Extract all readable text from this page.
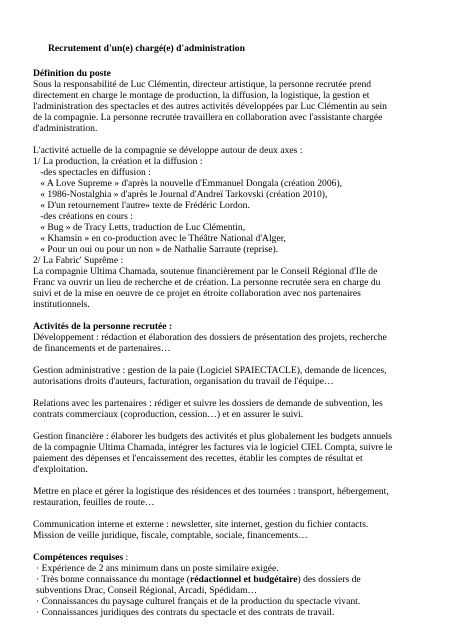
Recrutement d'un(e) chargé(e) d'administration
Définition du poste
Sous la responsabilité de Luc Clémentin, directeur artistique, la personne recrutée prend
directement en charge le montage de production, la diffusion, la logistique, la gestion et
l'administration des spectacles et des autres activités développées par Luc Clémentin au sein
de la compagnie. La personne recrutée travaillera en collaboration avec l'assistante chargée
d'administration.
L'activité actuelle de la compagnie se développe autour de deux axes :
1/ La production, la création et la diffusion :
-des spectacles en diffusion :
« A Love Supreme » d'après la nouvelle d'Emmanuel Dongala (création 2006),
« 1986-Nostalghia » d'après le Journal d'Andreï Tarkovski (création 2010),
« D'un retournement l'autre» texte de Frédéric Lordon.
-des créations en cours :
« Bug » de Tracy Letts, traduction de Luc Clémentin,
« Khamsin » en co-production avec le Théâtre National d'Alger,
« Pour un oui ou pour un non » de Nathalie Sarraute (reprise).
2/ La Fabric' Suprême :
La compagnie Ultima Chamada, soutenue financièrement par le Conseil Régional d'Ile de
Franc va ouvrir un lieu de recherche et de création. La personne recrutée sera en charge du
suivi et de la mise en oeuvre de ce projet en étroite collaboration avec nos partenaires
institutionnels.
Activités de la personne recrutée :
Développement : rédaction et élaboration des dossiers de présentation des projets, recherche
de financements et de partenaires…
Gestion administrative : gestion de la paie (Logiciel SPAIECTACLE), demande de licences,
autorisations droits d'auteurs, facturation, organisation du travail de l'équipe…
Relations avec les partenaires : rédiger et suivre les dossiers de demande de subvention, les
contrats commerciaux (coproduction, cession…) et en assurer le suivi.
Gestion financière : élaborer les budgets des activités et plus globalement les budgets annuels
de la compagnie Ultima Chamada, intégrer les factures via le logiciel CIEL Compta, suivre le
paiement des dépenses et l'encaissement des recettes, établir les comptes de résultat et
d'exploitation.
Mettre en place et gérer la logistique des résidences et des tournées : transport, hébergement,
restauration, feuilles de route…
Communication interne et externe : newsletter, site internet, gestion du fichier contacts.
Mission de veille juridique, fiscale, comptable, sociale, financements…
Compétences requises :
· Expérience de 2 ans minimum dans un poste similaire exigée.
· Très bonne connaissance du montage (rédactionnel et budgétaire) des dossiers de
subventions Drac, Conseil Régional, Arcadi, Spédidam…
· Connaissances du paysage culturel français et de la production du spectacle vivant.
· Connaissances juridiques des contrats du spectacle et des contrats de travail.
